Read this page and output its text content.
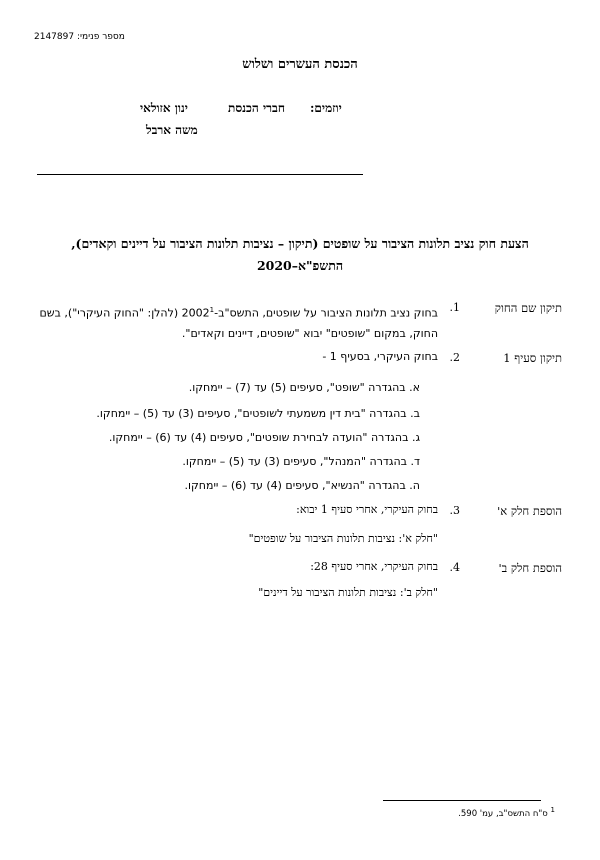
מספר פנימי: 2147897
הכנסת העשרים ושלוש
יוזמים:
חברי הכנסת
ינון אזולאי
משה ארבל
הצעת חוק נציב תלונות הציבור על שופטים (תיקון – נציבות תלונות הציבור על דיינים וקאדים),
התשפ"א–2020
תיקון שם החוק
.1
בחוק נציב תלונות הציבור על שופטים, התשס"ב-2002$^1$ (להלן: "החוק העיקרי"), בשם
החוק, במקום "שופטים" יבוא "שופטים, דיינים וקאדים".
תיקון סעיף 1
.2
בחוק העיקרי, בסעיף 1 -
א. בהגדרה "שופט", סעיפים (5) עד (7) – יימחקו.
ב. בהגדרה "בית דין משמעתי לשופטים", סעיפים (3) עד (5) – יימחקו.
ג. בהגדרה "הועדה לבחירת שופטים", סעיפים (4) עד (6) – יימחקו.
ד. בהגדרה "המנהל", סעיפים (3) עד (5) – יימחקו.
ה. בהגדרה "הנשיא", סעיפים (4) עד (6) – יימחקו.
הוספת חלק א'
.3
בחוק העיקרי, אחרי סעיף 1 יבוא:
"חלק א': נציבות תלונות הציבור על שופטים"
הוספת חלק ב'
.4
בחוק העיקרי, אחרי סעיף 28:
"חלק ב': נציבות תלונות הציבור על דיינים"
$^1$ ס"ח התשס"ב, עמ' 590.
